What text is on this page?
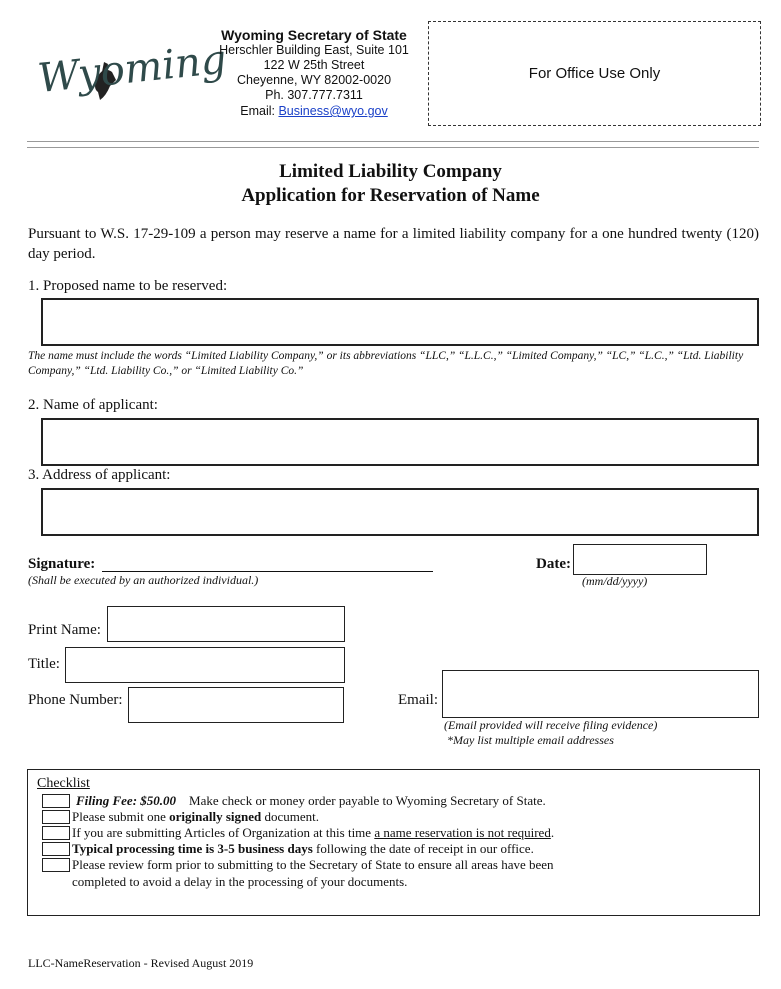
Wyoming
Wyoming Secretary of State
Herschler Building East, Suite 101
122 W 25th Street
Cheyenne, WY 82002-0020
Ph. 307.777.7311
Email: Business@wyo.gov
For Office Use Only
Limited Liability Company
Application for Reservation of Name
Pursuant to W.S. 17-29-109 a person may reserve a name for a limited liability company for a one hundred twenty (120) day period.
1. Proposed name to be reserved:
The name must include the words “Limited Liability Company,” or its abbreviations “LLC,” “L.L.C.,” “Limited Company,” “LC,” “L.C.,” “Ltd. Liability Company,” “Ltd. Liability Co.,” or “Limited Liability Co.”
2. Name of applicant:
3. Address of applicant:
Signature:
(Shall be executed by an authorized individual.)
Date:
(mm/dd/yyyy)
Print Name:
Title:
Phone Number:	Email:
(Email provided will receive filing evidence)
*May list multiple email addresses
Checklist
Filing Fee: $50.00 Make check or money order payable to Wyoming Secretary of State.
Please submit one originally signed document.
If you are submitting Articles of Organization at this time a name reservation is not required.
Typical processing time is 3-5 business days following the date of receipt in our office.
Please review form prior to submitting to the Secretary of State to ensure all areas have been
completed to avoid a delay in the processing of your documents.
LLC-NameReservation - Revised August 2019
